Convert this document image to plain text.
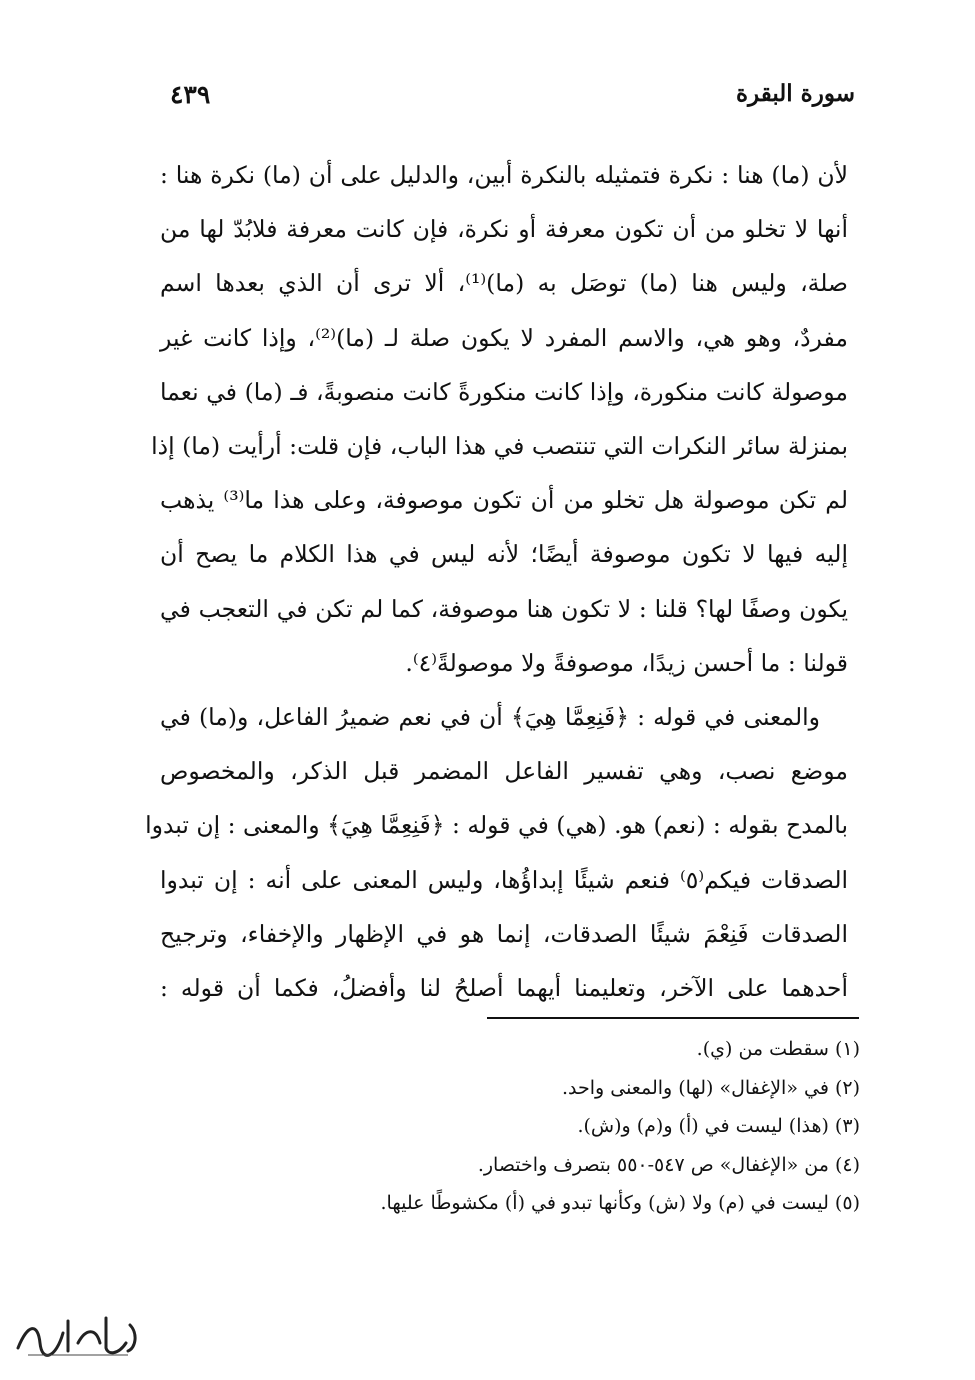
سورة البقرة
٤٣٩
لأن (ما) هنا : نكرة فتمثيله بالنكرة أبين، والدليل على أن (ما) نكرة هنا :
أنها لا تخلو من أن تكون معرفة أو نكرة، فإن كانت معرفة فلابُدّ لها من
صلة، وليس هنا (ما) توصَل به (ما)⁽¹⁾، ألا ترى أن الذي بعدها اسم
مفردٌ، وهو هي، والاسم المفرد لا يكون صلة لـ (ما)⁽²⁾، وإذا كانت غير
موصولة كانت منكورة، وإذا كانت منكورةً كانت منصوبةً، فـ (ما) في نعما
بمنزلة سائر النكرات التي تنتصب في هذا الباب، فإن قلت: أرأيت (ما) إذا
لم تكن موصولة هل تخلو من أن تكون موصوفة، وعلى هذا ما⁽³⁾ يذهب
إليه فيها لا تكون موصوفة أيضًا؛ لأنه ليس في هذا الكلام ما يصح أن
يكون وصفًا لها؟ قلنا : لا تكون هنا موصوفة، كما لم تكن في التعجب في
قولنا : ما أحسن زيدًا، موصوفةً ولا موصولةً⁽٤⁾.
والمعنى في قوله : ﴿فَنِعِمَّا هِيَ﴾ أن في نعم ضميرُ الفاعل، و(ما) في
موضع نصب، وهي تفسير الفاعل المضمر قبل الذكر، والمخصوص
بالمدح بقوله : (نعم) هو. (هي) في قوله : ﴿فَنِعِمَّا هِيَ﴾ والمعنى : إن تبدوا
الصدقات فيكم⁽٥⁾ فنعم شيئًا إبداؤُها، وليس المعنى على أنه : إن تبدوا
الصدقات فَنِعْمَ شيئًا الصدقات، إنما هو في الإظهار والإخفاء، وترجيح
أحدهما على الآخر، وتعليمنا أيهما أصلحُ لنا وأفضلُ، فكما أن قوله :
(١) سقطت من (ي).
(٢) في «الإغفال» (لها) والمعنى واحد.
(٣) (هذا) ليست في (أ) و(م) و(ش).
(٤) من «الإغفال» ص ٥٤٧-٥٥٠ بتصرف واختصار.
(٥) ليست في (م) ولا (ش) وكأنها تبدو في (أ) مكشوطًا عليها.
